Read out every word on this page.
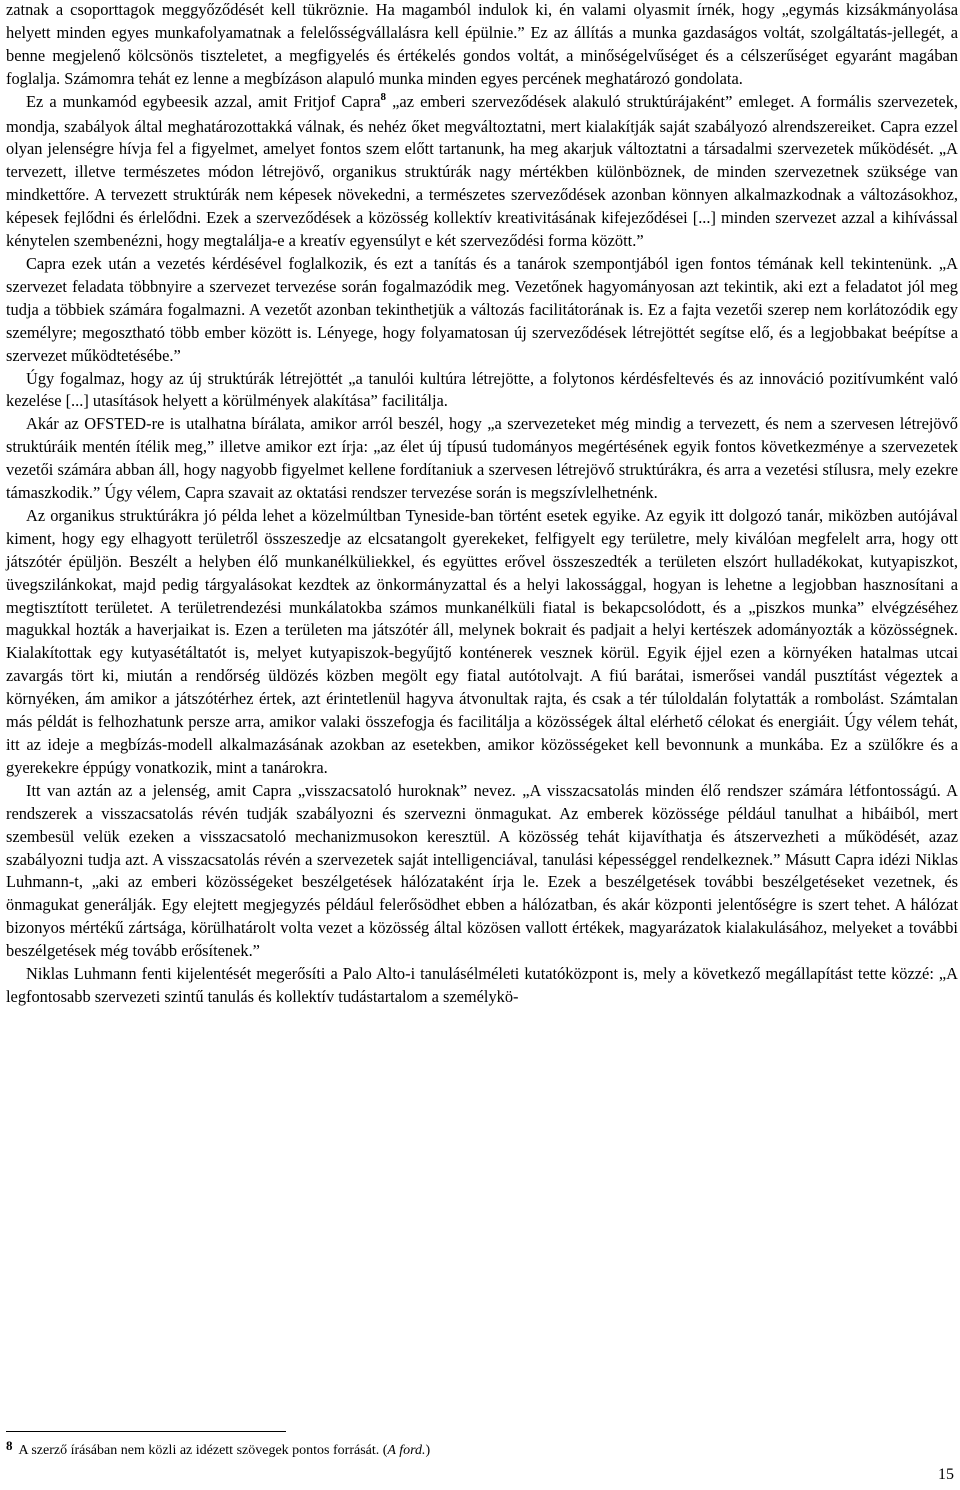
zatnak a csoporttagok meggyőződését kell tükröznie. Ha magamból indulok ki, én valami olyasmit írnék, hogy „egymás kizsákmányolása helyett minden egyes munkafolyamatnak a felelősségvállalásra kell épülnie.” Ez az állítás a munka gazdaságos voltát, szolgáltatás-jellegét, a benne megjelenő kölcsönös tiszteletet, a megfigyelés és értékelés gondos voltát, a minőségelvűséget és a célszerűséget egyaránt magában foglalja. Számomra tehát ez lenne a megbízáson alapuló munka minden egyes percének meghatározó gondolata.

Ez a munkamód egybeesik azzal, amit Fritjof Capra$^8$ „az emberi szerveződések alakuló struktúrájaként” emleget. A formális szervezetek, mondja, szabályok által meghatározottakká válnak, és nehéz őket megváltoztatni, mert kialakítják saját szabályozó alrendszereiket. Capra ezzel olyan jelenségre hívja fel a figyelmet, amelyet fontos szem előtt tartanunk, ha meg akarjuk változtatni a társadalmi szervezetek működését. „A tervezett, illetve természetes módon létrejövő, organikus struktúrák nagy mértékben különböznek, de minden szervezetnek szüksége van mindkettőre. A tervezett struktúrák nem képesek növekedni, a természetes szerveződések azonban könnyen alkalmazkodnak a változásokhoz, képesek fejlődni és érlelődni. Ezek a szerveződések a közösség kollektív kreativitásának kifejeződései [...] minden szervezet azzal a kihívással kénytelen szembenézni, hogy megtalálja-e a kreatív egyensúlyt e két szerveződési forma között.”

Capra ezek után a vezetés kérdésével foglalkozik, és ezt a tanítás és a tanárok szempontjából igen fontos témának kell tekintenünk. „A szervezet feladata többnyire a szervezet tervezése során fogalmazódik meg. Vezetőnek hagyományosan azt tekintik, aki ezt a feladatot jól meg tudja a többiek számára fogalmazni. A vezetőt azonban tekinthetjük a változás facilitátorának is. Ez a fajta vezetői szerep nem korlátozódik egy személyre; megosztható több ember között is. Lényege, hogy folyamatosan új szerveződések létrejöttét segítse elő, és a legjobbakat beépítse a szervezet működtetésébe.”

Úgy fogalmaz, hogy az új struktúrák létrejöttét „a tanulói kultúra létrejötte, a folytonos kérdésfeltevés és az innováció pozitívumként való kezelése [...] utasítások helyett a körülmények alakítása” facilitálja.

Akár az OFSTED-re is utalhatna bírálata, amikor arról beszél, hogy „a szervezeteket még mindig a tervezett, és nem a szervesen létrejövő struktúráik mentén ítélik meg,” illetve amikor ezt írja: „az élet új típusú tudományos megértésének egyik fontos következménye a szervezetek vezetői számára abban áll, hogy nagyobb figyelmet kellene fordítaniuk a szervesen létrejövő struktúrákra, és arra a vezetési stílusra, mely ezekre támaszkodik.” Úgy vélem, Capra szavait az oktatási rendszer tervezése során is megszívlelhetnénk.

Az organikus struktúrákra jó példa lehet a közelmúltban Tyneside-ban történt esetek egyike. Az egyik itt dolgozó tanár, miközben autójával kiment, hogy egy elhagyott területről összeszedje az elcsatangolt gyerekeket, felfigyelt egy területre, mely kiválóan megfelelt arra, hogy ott játszótér épüljön. Beszélt a helyben élő munkanélküliekkel, és együttes erővel összeszedték a területen elszórt hulladékokat, kutyapiszkot, üvegszilánkokat, majd pedig tárgyalásokat kezdtek az önkormányzattal és a helyi lakossággal, hogyan is lehetne a legjobban hasznosítani a megtisztított területet. A területrendezési munkálatokba számos munkanélküli fiatal is bekapcsolódott, és a „piszkos munka” elvégzéséhez magukkal hozták a haverjaikat is. Ezen a területen ma játszótér áll, melynek bokrait és padjait a helyi kertészek adományozták a közösségnek. Kialakítottak egy kutyasétáltatót is, melyet kutyapiszok-begyűjtő konténerek vesznek körül. Egyik éjjel ezen a környéken hatalmas utcai zavargás tört ki, miután a rendőrség üldözés közben megölt egy fiatal autótolvajt. A fiú barátai, ismerősei vandál pusztítást végeztek a környéken, ám amikor a játszótérhez értek, azt érintetlenül hagyva átvonultak rajta, és csak a tér túloldalán folytatták a rombolást. Számtalan más példát is felhozhatunk persze arra, amikor valaki összefogja és facilitálja a közösségek által elérhető célokat és energiáit. Úgy vélem tehát, itt az ideje a megbízás-modell alkalmazásának azokban az esetekben, amikor közösségeket kell bevonnunk a munkába. Ez a szülőkre és a gyerekekre éppúgy vonatkozik, mint a tanárokra.

Itt van aztán az a jelenség, amit Capra „visszacsatoló huroknak” nevez. „A visszacsatolás minden élő rendszer számára létfontosságú. A rendszerek a visszacsatolás révén tudják szabályozni és szervezni önmagukat. Az emberek közössége például tanulhat a hibáiból, mert szembesül velük ezeken a visszacsatoló mechanizmusokon keresztül. A közösség tehát kijavíthatja és átszervezheti a működését, azaz szabályozni tudja azt. A visszacsatolás révén a szervezetek saját intelligenciával, tanulási képességgel rendelkeznek.” Másutt Capra idézi Niklas Luhmann-t, „aki az emberi közösségeket beszélgetések hálózataként írja le. Ezek a beszélgetések további beszélgetéseket vezetnek, és önmagukat generálják. Egy elejtett megjegyzés például felerősödhet ebben a hálózatban, és akár központi jelentőségre is szert tehet. A hálózat bizonyos mértékű zártsága, körülhatárolt volta vezet a közösség által közösen vallott értékek, magyarázatok kialakulásához, melyeket a további beszélgetések még tovább erősítenek.”

Niklas Luhmann fenti kijelentését megerősíti a Palo Alto-i tanulásélméleti kutatóközpont is, mely a következő megállapítást tette közzé: „A legfontosabb szervezeti szintű tanulás és kollektív tudástartalom a személykö-

8 A szerző írásában nem közli az idézett szövegek pontos forrását. (A ford.)
15
